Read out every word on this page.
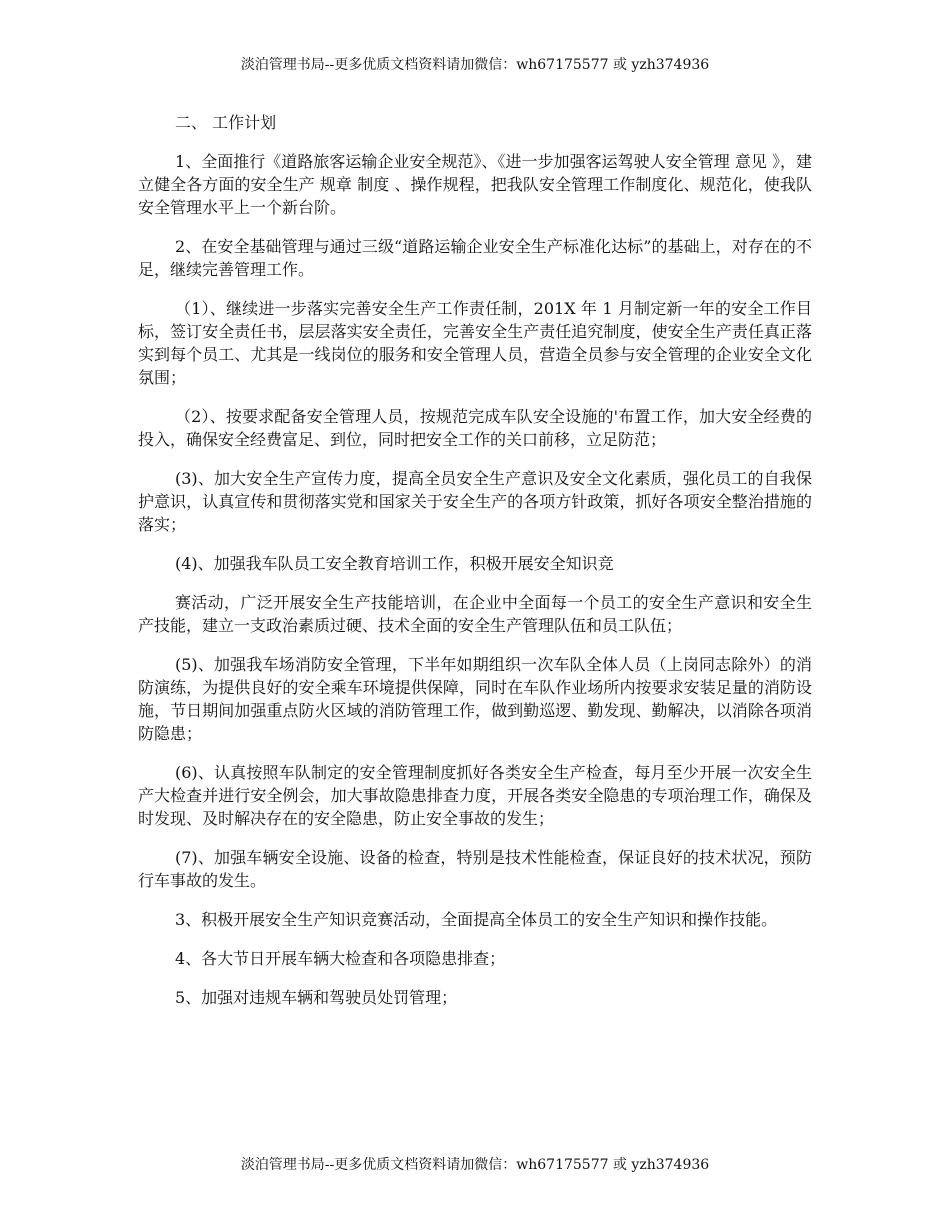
淡泊管理书局--更多优质文档资料请加微信：wh67175577 或 yzh374936
二、 工作计划

1、全面推行《道路旅客运输企业安全规范》、《进一步加强客运驾驶人安全管理 意见 》，建立健全各方面的安全生产 规章 制度 、操作规程，把我队安全管理工作制度化、规范化，使我队安全管理水平上一个新台阶。

2、在安全基础管理与通过三级“道路运输企业安全生产标准化达标”的基础上，对存在的不足，继续完善管理工作。

（1）、继续进一步落实完善安全生产工作责任制，201X 年 1 月制定新一年的安全工作目标，签订安全责任书，层层落实安全责任，完善安全生产责任追究制度，使安全生产责任真正落实到每个员工、尤其是一线岗位的服务和安全管理人员，营造全员参与安全管理的企业安全文化氛围；

（2）、按要求配备安全管理人员，按规范完成车队安全设施的'布置工作，加大安全经费的投入，确保安全经费富足、到位，同时把安全工作的关口前移，立足防范；

(3)、加大安全生产宣传力度，提高全员安全生产意识及安全文化素质，强化员工的自我保护意识，认真宣传和贯彻落实党和国家关于安全生产的各项方针政策，抓好各项安全整治措施的落实；

(4)、加强我车队员工安全教育培训工作，积极开展安全知识竞

赛活动，广泛开展安全生产技能培训，在企业中全面每一个员工的安全生产意识和安全生产技能，建立一支政治素质过硬、技术全面的安全生产管理队伍和员工队伍；

(5)、加强我车场消防安全管理，下半年如期组织一次车队全体人员（上岗同志除外）的消防演练，为提供良好的安全乘车环境提供保障，同时在车队作业场所内按要求安装足量的消防设施，节日期间加强重点防火区域的消防管理工作，做到勤巡逻、勤发现、勤解决，以消除各项消防隐患；

(6)、认真按照车队制定的安全管理制度抓好各类安全生产检查，每月至少开展一次安全生产大检查并进行安全例会，加大事故隐患排查力度，开展各类安全隐患的专项治理工作，确保及时发现、及时解决存在的安全隐患，防止安全事故的发生；

(7)、加强车辆安全设施、设备的检查，特别是技术性能检查，保证良好的技术状况，预防行车事故的发生。

3、积极开展安全生产知识竞赛活动，全面提高全体员工的安全生产知识和操作技能。

4、各大节日开展车辆大检查和各项隐患排查；

5、加强对违规车辆和驾驶员处罚管理；

淡泊管理书局--更多优质文档资料请加微信：wh67175577 或 yzh374936
